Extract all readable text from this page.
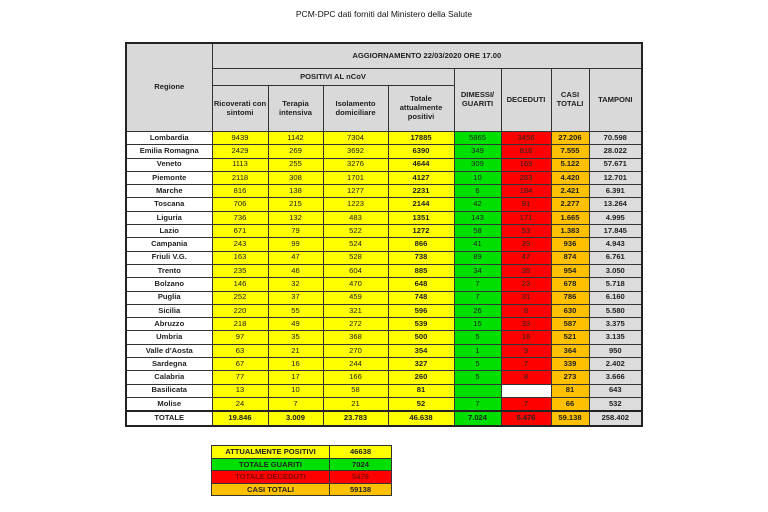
PCM-DPC dati forniti dal Ministero della Salute
Regione	AGGIORNAMENTO 22/03/2020 ORE 17.00							
	POSITIVI AL nCoV				DIMESSI/ GUARITI	DECEDUTI	CASI TOTALI	TAMPONI
	Ricoverati con sintomi	Terapia intensiva	Isolamento domiciliare	Totale attualmente positivi				
Lombardia	9439	1142	7304	17885	5865	3456	27.206	70.598
Emilia Romagna	2429	269	3692	6390	349	816	7.555	28.022
Veneto	1113	255	3276	4644	309	169	5.122	57.671
Piemonte	2118	308	1701	4127	10	283	4.420	12.701
Marche	816	138	1277	2231	6	184	2.421	6.391
Toscana	706	215	1223	2144	42	91	2.277	13.264
Liguria	736	132	483	1351	143	171	1.665	4.995
Lazio	671	79	522	1272	58	53	1.383	17.845
Campania	243	99	524	866	41	29	936	4.943
Friuli V.G.	163	47	528	738	89	47	874	6.761
Trento	235	46	604	885	34	35	954	3.050
Bolzano	146	32	470	648	7	23	678	5.718
Puglia	252	37	459	748	7	31	786	6.160
Sicilia	220	55	321	596	26	8	630	5.580
Abruzzo	218	49	272	539	15	33	587	3.375
Umbria	97	35	368	500	5	16	521	3.135
Valle d'Aosta	63	21	270	354	1	9	364	950
Sardegna	67	16	244	327	5	7	339	2.402
Calabria	77	17	166	260	5	8	273	3.666
Basilicata	13	10	58	81			81	643
Molise	24	7	21	52	7	7	66	532
TOTALE	19.846	3.009	23.783	46.638	7.024	5.476	59.138	258.402
ATTUALMENTE POSITIVI	46638
TOTALE GUARITI	7024
TOTALE DECEDUTI	5476
CASI TOTALI	59138
